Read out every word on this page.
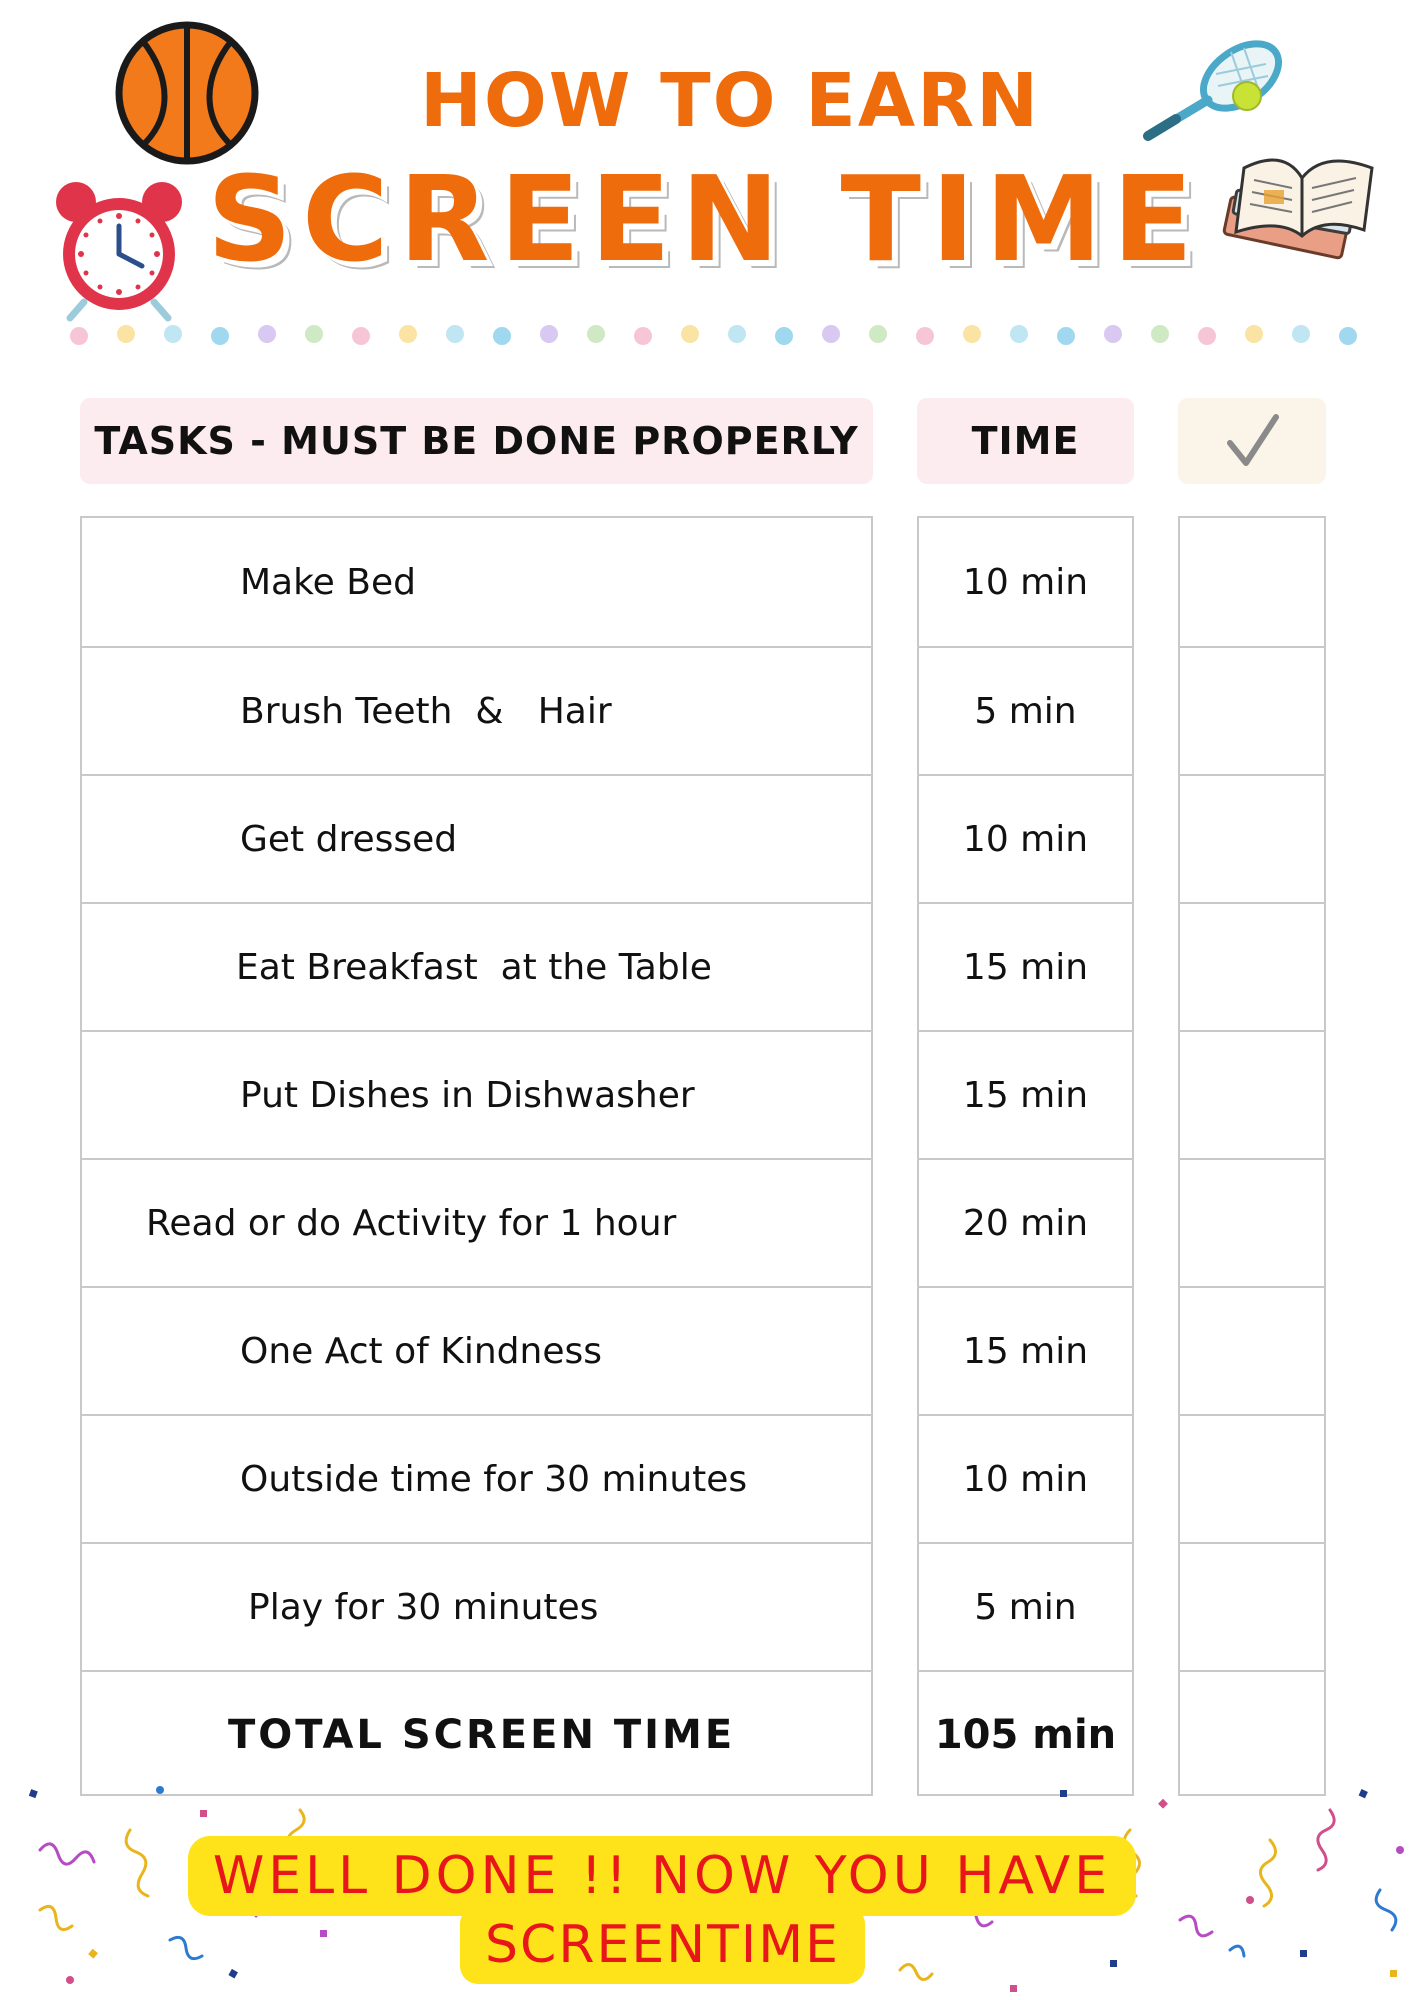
HOW TO EARN
SCREEN TIME
TASKS - MUST BE DONE PROPERLY	TIME
Make Bed
Brush Teeth  &   Hair
Get dressed
Eat Breakfast  at the Table
Put Dishes in Dishwasher
Read or do Activity for 1 hour
One Act of Kindness
Outside time for 30 minutes
Play for 30 minutes
TOTAL SCREEN TIME
10 min
5 min
10 min
15 min
15 min
20 min
15 min
10 min
5 min
105 min
WELL DONE !! NOW YOU HAVE
SCREENTIME
